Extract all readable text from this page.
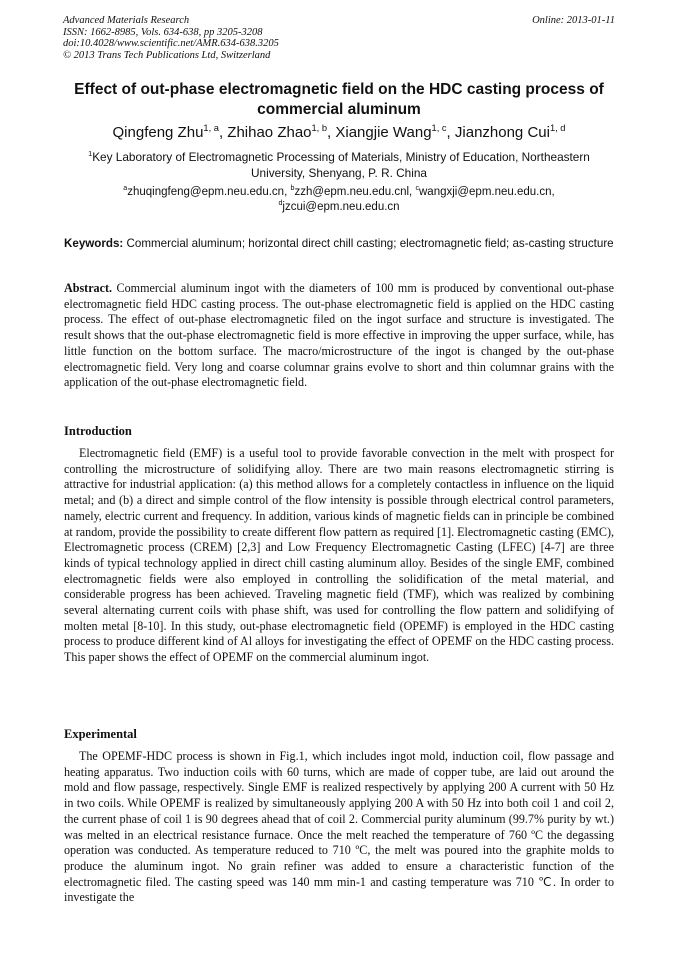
Advanced Materials Research
ISSN: 1662-8985, Vols. 634-638, pp 3205-3208
doi:10.4028/www.scientific.net/AMR.634-638.3205
© 2013 Trans Tech Publications Ltd, Switzerland
Online: 2013-01-11
Effect of out-phase electromagnetic field on the HDC casting process of
commercial aluminum
Qingfeng Zhu$^{1, a}$, Zhihao Zhao$^{1, b}$, Xiangjie Wang$^{1, c}$, Jianzhong Cui$^{1, d}$
$^1$Key Laboratory of Electromagnetic Processing of Materials, Ministry of Education, Northeastern
University, Shenyang, P. R. China
$^a$zhuqingfeng@epm.neu.edu.cn, $^b$zzh@epm.neu.edu.cnl, $^c$wangxji@epm.neu.edu.cn,
$^d$jzcui@epm.neu.edu.cn
Keywords: Commercial aluminum; horizontal direct chill casting; electromagnetic field; as-casting structure

Abstract. Commercial aluminum ingot with the diameters of 100 mm is produced by conventional out-phase electromagnetic field HDC casting process. The out-phase electromagnetic field is applied on the HDC casting process. The effect of out-phase electromagnetic filed on the ingot surface and structure is investigated. The result shows that the out-phase electromagnetic field is more effective in improving the upper surface, while, has little function on the bottom surface. The macro/microstructure of the ingot is changed by the out-phase electromagnetic field. Very long and coarse columnar grains evolve to short and thin columnar grains with the application of the out-phase electromagnetic field.

Introduction

Electromagnetic field (EMF) is a useful tool to provide favorable convection in the melt with prospect for controlling the microstructure of solidifying alloy. There are two main reasons electromagnetic stirring is attractive for industrial application: (a) this method allows for a completely contactless in influence on the liquid metal; and (b) a direct and simple control of the flow intensity is possible through electrical control parameters, namely, electric current and frequency. In addition, various kinds of magnetic fields can in principle be combined at random, provide the possibility to create different flow pattern as required [1]. Electromagnetic casting (EMC), Electromagnetic process (CREM) [2,3] and Low Frequency Electromagnetic Casting (LFEC) [4-7] are three kinds of typical technology applied in direct chill casting aluminum alloy. Besides of the single EMF, combined electromagnetic fields were also employed in controlling the solidification of the metal material, and considerable progress has been achieved. Traveling magnetic field (TMF), which was realized by combining several alternating current coils with phase shift, was used for controlling the flow pattern and solidifying of molten metal [8-10]. In this study, out-phase electromagnetic field (OPEMF) is employed in the HDC casting process to produce different kind of Al alloys for investigating the effect of OPEMF on the HDC casting process. This paper shows the effect of OPEMF on the commercial aluminum ingot.

Experimental

The OPEMF-HDC process is shown in Fig.1, which includes ingot mold, induction coil, flow passage and heating apparatus. Two induction coils with 60 turns, which are made of copper tube, are laid out around the mold and flow passage, respectively. Single EMF is realized respectively by applying 200 A current with 50 Hz in two coils. While OPEMF is realized by simultaneously applying 200 A with 50 Hz into both coil 1 and coil 2, the current phase of coil 1 is 90 degrees ahead that of coil 2. Commercial purity aluminum (99.7% purity by wt.) was melted in an electrical resistance furnace. Once the melt reached the temperature of 760 ºC the degassing operation was conducted. As temperature reduced to 710 ºC, the melt was poured into the graphite molds to produce the aluminum ingot. No grain refiner was added to ensure a characteristic function of the electromagnetic filed. The casting speed was 140 mm min-1 and casting temperature was 710 ℃. In order to investigate the
